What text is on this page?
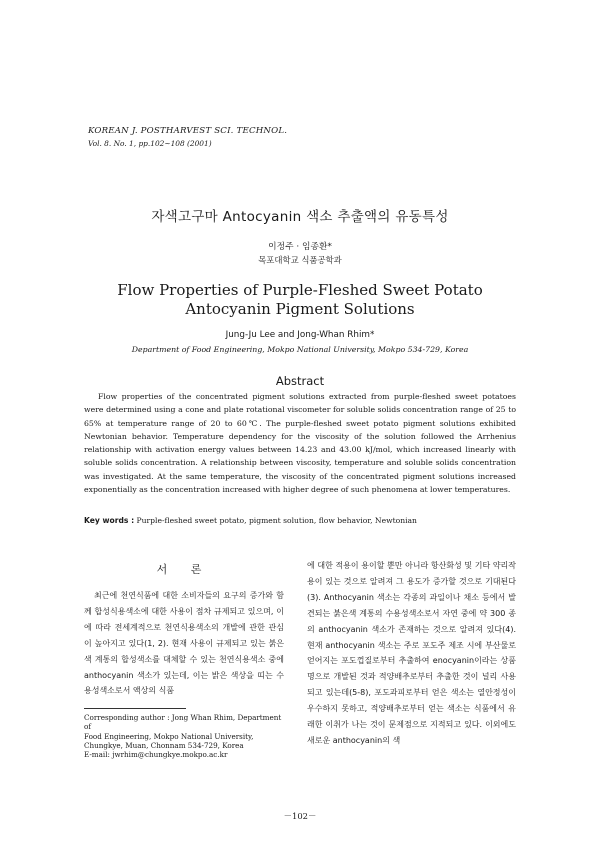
KOREAN J. POSTHARVEST SCI. TECHNOL.
Vol. 8. No. 1, pp.102~108 (2001)
자색고구마 Antocyanin 색소 추출액의 유동특성
이정주 · 임종환*
목포대학교 식품공학과
Flow Properties of Purple-Fleshed Sweet Potato
Antocyanin Pigment Solutions
Jung-Ju Lee and Jong-Whan Rhim*
Department of Food Engineering, Mokpo National University, Mokpo 534-729, Korea
Abstract
Flow properties of the concentrated pigment solutions extracted from purple-fleshed sweet potatoes were determined using a cone and plate rotational viscometer for soluble solids concentration range of 25 to 65% at temperature range of 20 to 60℃. The purple-fleshed sweet potato pigment solutions exhibited Newtonian behavior. Temperature dependency for the viscosity of the solution followed the Arrhenius relationship with activation energy values between 14.23 and 43.00 kJ/mol, which increased linearly with soluble solids concentration. A relationship between viscosity, temperature and soluble solids concentration was investigated. At the same temperature, the viscosity of the concentrated pigment solutions increased exponentially as the concentration increased with higher degree of such phenomena at lower temperatures.
Key words : Purple-fleshed sweet potato, pigment solution, flow behavior, Newtonian
서 론
최근에 천연식품에 대한 소비자들의 요구의 증가와 함께 합성식용색소에 대한 사용이 점차 규제되고 있으며, 이에 따라 전세계적으로 천연식용색소의 개발에 관한 관심이 높아지고 있다(1, 2). 현재 사용이 규제되고 있는 붉은색 계통의 합성색소를 대체할 수 있는 천연식용색소 중에 anthocyanin 색소가 있는데, 이는 밝은 색상을 띠는 수용성색소로서 액상의 식품
에 대한 적용이 용이할 뿐만 아니라 항산화성 및 기타 약리작용이 있는 것으로 알려져 그 용도가 증가할 것으로 기대된다(3). Anthocyanin 색소는 각종의 과일이나 채소 등에서 발견되는 붉은색 계통의 수용성색소로서 자연 중에 약 300 종의 anthocyanin 색소가 존재하는 것으로 알려져 있다(4). 현재 anthocyanin 색소는 주로 포도주 제조 시에 부산물로 얻어지는 포도껍질로부터 추출하여 enocyanin이라는 상품명으로 개발된 것과 적양배추로부터 추출한 것이 널리 사용되고 있는데(5-8), 포도과피로부터 얻은 색소는 열안정성이 우수하지 못하고, 적양배추로부터 얻는 색소는 식품에서 유래한 이취가 나는 것이 문제점으로 지적되고 있다. 이외에도 새로운 anthocyanin의 색
Corresponding author : Jong Whan Rhim, Department of
Food Engineering, Mokpo National University,
Chungkye, Muan, Chonnam 534-729, Korea
E-mail: jwrhim@chungkye.mokpo.ac.kr
－102－
